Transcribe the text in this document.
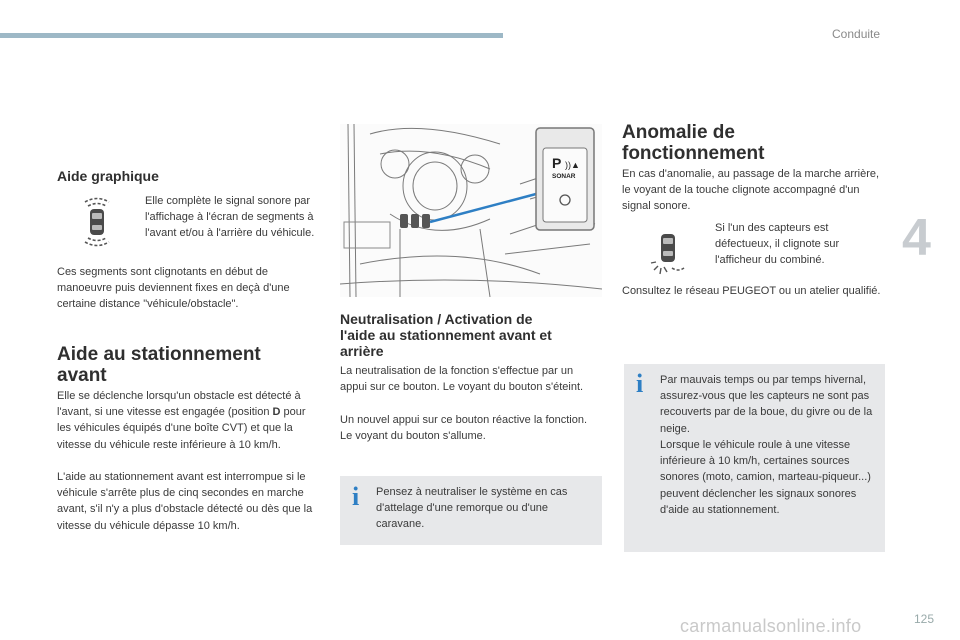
Conduite
4
Aide graphique

Elle complète le signal sonore par l'affichage à l'écran de segments à l'avant et/ou à l'arrière du véhicule.

Ces segments sont clignotants en début de manoeuvre puis deviennent fixes en deçà d'une certaine distance "véhicule/obstacle".

Aide au stationnement
avant

Elle se déclenche lorsqu'un obstacle est détecté à l'avant, si une vitesse est engagée (position D pour les véhicules équipés d'une boîte CVT) et que la vitesse du véhicule reste inférieure à 10 km/h.

L'aide au stationnement avant est interrompue si le véhicule s'arrête plus de cinq secondes en marche avant, s'il n'y a plus d'obstacle détecté ou dès que la vitesse du véhicule dépasse 10 km/h.

P ))▲
SONAR
Neutralisation / Activation de
l'aide au stationnement avant et
arrière

La neutralisation de la fonction s'effectue par un appui sur ce bouton. Le voyant du bouton s'éteint.

Un nouvel appui sur ce bouton réactive la fonction. Le voyant du bouton s'allume.

i Pensez à neutraliser le système en cas d'attelage d'une remorque ou d'une caravane.

Anomalie de
fonctionnement

En cas d'anomalie, au passage de la marche arrière, le voyant de la touche clignote accompagné d'un signal sonore.

Si l'un des capteurs est défectueux, il clignote sur l'afficheur du combiné.

Consultez le réseau PEUGEOT ou un atelier qualifié.

i Par mauvais temps ou par temps hivernal, assurez-vous que les capteurs ne sont pas recouverts par de la boue, du givre ou de la neige.

Lorsque le véhicule roule à une vitesse inférieure à 10 km/h, certaines sources sonores (moto, camion, marteau-piqueur...) peuvent déclencher les signaux sonores d'aide au stationnement.

carmanualsonline.info	125
